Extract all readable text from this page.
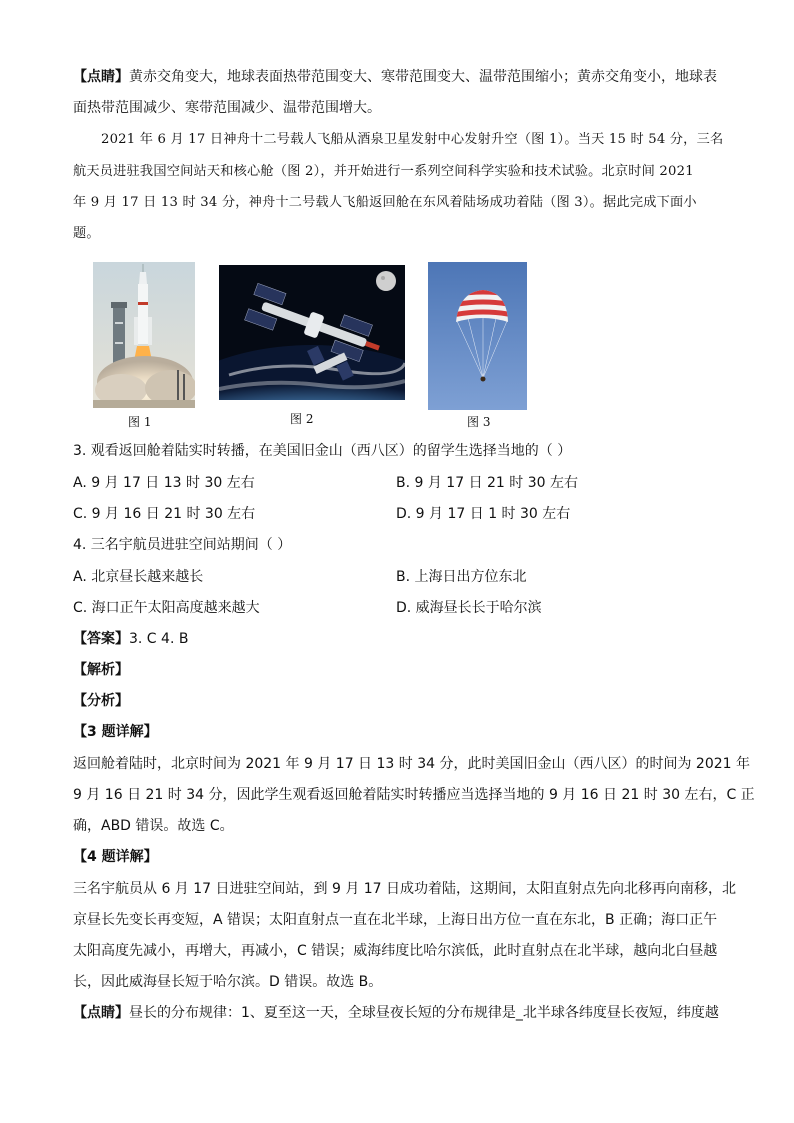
【点睛】黄赤交角变大，地球表面热带范围变大、寒带范围变大、温带范围缩小；黄赤交角变小，地球表
面热带范围减少、寒带范围减少、温带范围增大。
2021 年 6 月 17 日神舟十二号载人飞船从酒泉卫星发射中心发射升空（图 1）。当天 15 时 54 分，三名
航天员进驻我国空间站天和核心舱（图 2），并开始进行一系列空间科学实验和技术试验。北京时间 2021
年 9 月 17 日 13 时 34 分，神舟十二号载人飞船返回舱在东风着陆场成功着陆（图 3）。据此完成下面小
题。
图 1	图 2	图 3
3. 观看返回舱着陆实时转播，在美国旧金山（西八区）的留学生选择当地的（ ）
A. 9 月 17 日 13 时 30 左右	B. 9 月 17 日 21 时 30 左右
C. 9 月 16 日 21 时 30 左右	D. 9 月 17 日 1 时 30 左右
4. 三名宇航员进驻空间站期间（ ）
A. 北京昼长越来越长	B. 上海日出方位东北
C. 海口正午太阳高度越来越大	D. 威海昼长长于哈尔滨
【答案】3. C 4. B
【解析】
【分析】
【3 题详解】
返回舱着陆时，北京时间为 2021 年 9 月 17 日 13 时 34 分，此时美国旧金山（西八区）的时间为 2021 年
9 月 16 日 21 时 34 分，因此学生观看返回舱着陆实时转播应当选择当地的 9 月 16 日 21 时 30 左右，C 正
确，ABD 错误。故选 C。
【4 题详解】
三名宇航员从 6 月 17 日进驻空间站，到 9 月 17 日成功着陆，这期间，太阳直射点先向北移再向南移，北
京昼长先变长再变短，A 错误；太阳直射点一直在北半球，上海日出方位一直在东北，B 正确；海口正午
太阳高度先减小，再增大，再减小，C 错误；威海纬度比哈尔滨低，此时直射点在北半球，越向北白昼越
长，因此威海昼长短于哈尔滨。D 错误。故选 B。
【点睛】昼长的分布规律：1、夏至这一天，全球昼夜长短的分布规律是_北半球各纬度昼长夜短，纬度越
